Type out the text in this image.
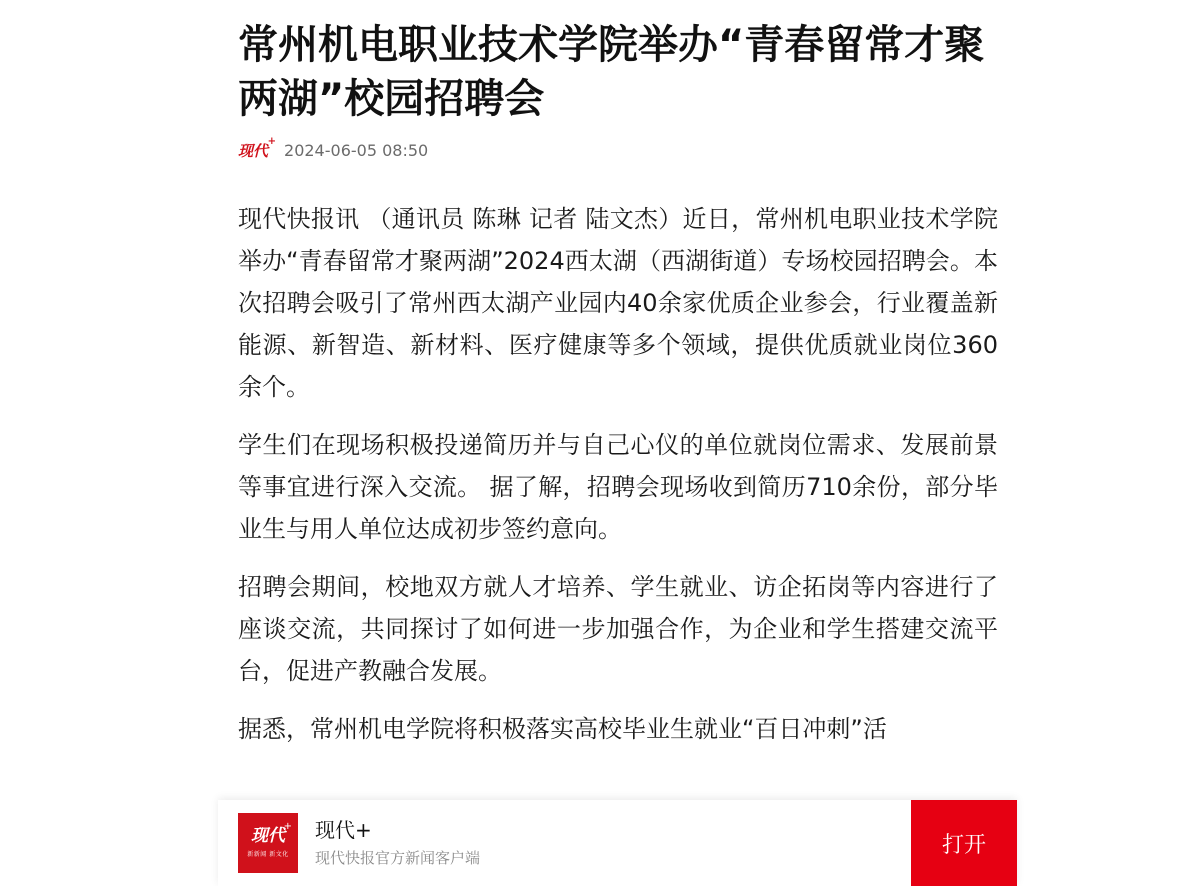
常州机电职业技术学院举办“青春留常才聚两湖”校园招聘会
现代
+ 2024-06-05 08:50

现代快报讯 （通讯员 陈琳 记者 陆文杰）近日，常州机电职业技术学院举办“青春留常才聚两湖”2024西太湖（西湖街道）专场校园招聘会。本次招聘会吸引了常州西太湖产业园内40余家优质企业参会，行业覆盖新能源、新智造、新材料、医疗健康等多个领域，提供优质就业岗位360余个。

学生们在现场积极投递简历并与自己心仪的单位就岗位需求、发展前景等事宜进行深入交流。 据了解，招聘会现场收到简历710余份，部分毕业生与用人单位达成初步签约意向。

招聘会期间，校地双方就人才培养、学生就业、访企拓岗等内容进行了座谈交流，共同探讨了如何进一步加强合作，为企业和学生搭建交流平台，促进产教融合发展。

据悉，常州机电学院将积极落实高校毕业生就业“百日冲刺”活

现代
+
新新闻 新文化
现代+
现代快报官方新闻客户端
打开
